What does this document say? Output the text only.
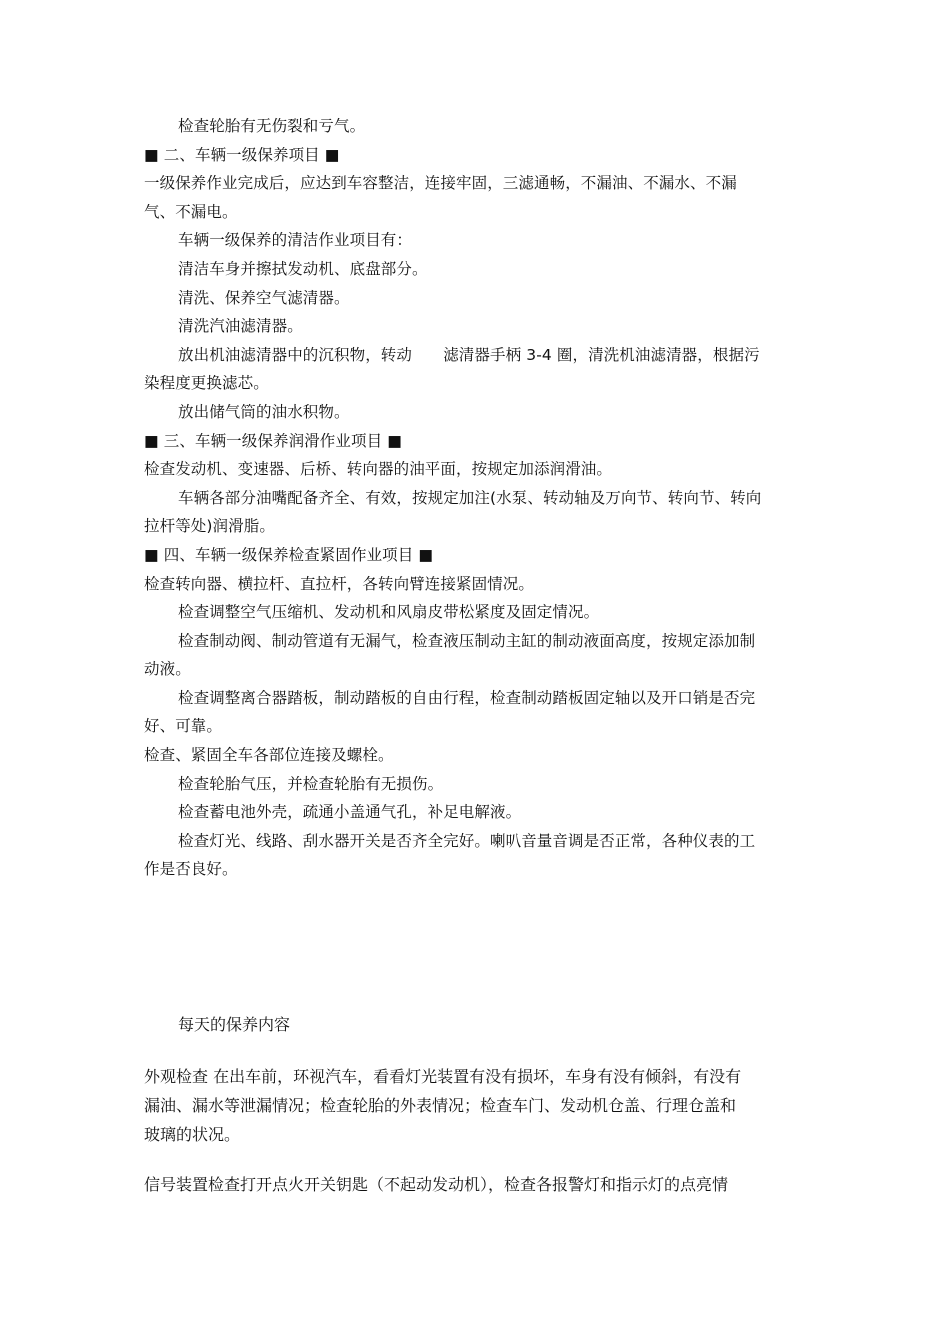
检查轮胎有无伤裂和亏气。
■ 二、车辆一级保养项目 ■
一级保养作业完成后，应达到车容整洁，连接牢固，三滤通畅，不漏油、不漏水、不漏
气、不漏电。
车辆一级保养的清洁作业项目有：
清洁车身并擦拭发动机、底盘部分。
清洗、保养空气滤清器。
清洗汽油滤清器。
放出机油滤清器中的沉积物，转动　　滤清器手柄 3-4 圈，清洗机油滤清器，根据污
染程度更换滤芯。
放出储气筒的油水积物。
■ 三、车辆一级保养润滑作业项目 ■
检查发动机、变速器、后桥、转向器的油平面，按规定加添润滑油。
车辆各部分油嘴配备齐全、有效，按规定加注(水泵、转动轴及万向节、转向节、转向
拉杆等处)润滑脂。
■ 四、车辆一级保养检查紧固作业项目 ■
检查转向器、横拉杆、直拉杆，各转向臂连接紧固情况。
检查调整空气压缩机、发动机和风扇皮带松紧度及固定情况。
检查制动阀、制动管道有无漏气，检查液压制动主缸的制动液面高度，按规定添加制
动液。
检查调整离合器踏板，制动踏板的自由行程，检查制动踏板固定轴以及开口销是否完
好、可靠。
检查、紧固全车各部位连接及螺栓。
检查轮胎气压，并检查轮胎有无损伤。
检查蓄电池外壳，疏通小盖通气孔，补足电解液。
检查灯光、线路、刮水器开关是否齐全完好。喇叭音量音调是否正常，各种仪表的工
作是否良好。
每天的保养内容
外观检查 在出车前，环视汽车，看看灯光装置有没有损坏，车身有没有倾斜，有没有
漏油、漏水等泄漏情况；检查轮胎的外表情况；检查车门、发动机仓盖、行理仓盖和
玻璃的状况。
信号装置检查打开点火开关钥匙（不起动发动机），检查各报警灯和指示灯的点亮情
